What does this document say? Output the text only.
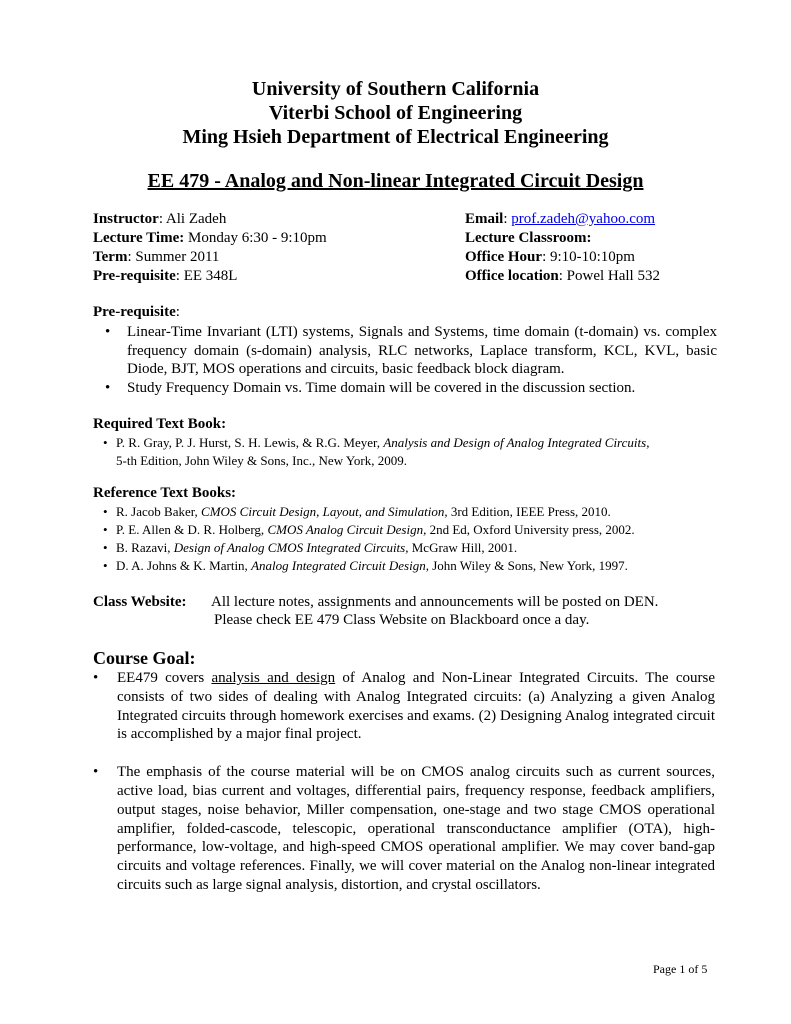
University of Southern California
Viterbi School of Engineering
Ming Hsieh Department of Electrical Engineering
EE 479 - Analog and Non-linear Integrated Circuit Design
Instructor: Ali Zadeh
Lecture Time: Monday 6:30 - 9:10pm
Term: Summer 2011
Pre-requisite: EE 348L
Email: prof.zadeh@yahoo.com
Lecture Classroom:
Office Hour: 9:10-10:10pm
Office location: Powel Hall 532
Pre-requisite:
• Linear-Time Invariant (LTI) systems, Signals and Systems, time domain (t-domain) vs. complex frequency domain (s-domain) analysis, RLC networks, Laplace transform, KCL, KVL, basic Diode, BJT, MOS operations and circuits, basic feedback block diagram.
• Study Frequency Domain vs. Time domain will be covered in the discussion section.
Required Text Book:
• P. R. Gray, P. J. Hurst, S. H. Lewis, & R.G. Meyer, Analysis and Design of Analog Integrated Circuits,
5-th Edition, John Wiley & Sons, Inc., New York, 2009.
Reference Text Books:
• R. Jacob Baker, CMOS Circuit Design, Layout, and Simulation, 3rd Edition, IEEE Press, 2010.
• P. E. Allen & D. R. Holberg, CMOS Analog Circuit Design, 2nd Ed, Oxford University press, 2002.
• B. Razavi, Design of Analog CMOS Integrated Circuits, McGraw Hill, 2001.
• D. A. Johns & K. Martin, Analog Integrated Circuit Design, John Wiley & Sons, New York, 1997.
Class Website: All lecture notes, assignments and announcements will be posted on DEN.
Please check EE 479 Class Website on Blackboard once a day.
Course Goal:
• EE479 covers analysis and design of Analog and Non-Linear Integrated Circuits. The course consists of two sides of dealing with Analog Integrated circuits: (a) Analyzing a given Analog Integrated circuits through homework exercises and exams. (2) Designing Analog integrated circuit is accomplished by a major final project.
• The emphasis of the course material will be on CMOS analog circuits such as current sources, active load, bias current and voltages, differential pairs, frequency response, feedback amplifiers, output stages, noise behavior, Miller compensation, one-stage and two stage CMOS operational amplifier, folded-cascode, telescopic, operational transconductance amplifier (OTA), high-performance, low-voltage, and high-speed CMOS operational amplifier. We may cover band-gap circuits and voltage references. Finally, we will cover material on the Analog non-linear integrated circuits such as large signal analysis, distortion, and crystal oscillators.
Page 1 of 5
